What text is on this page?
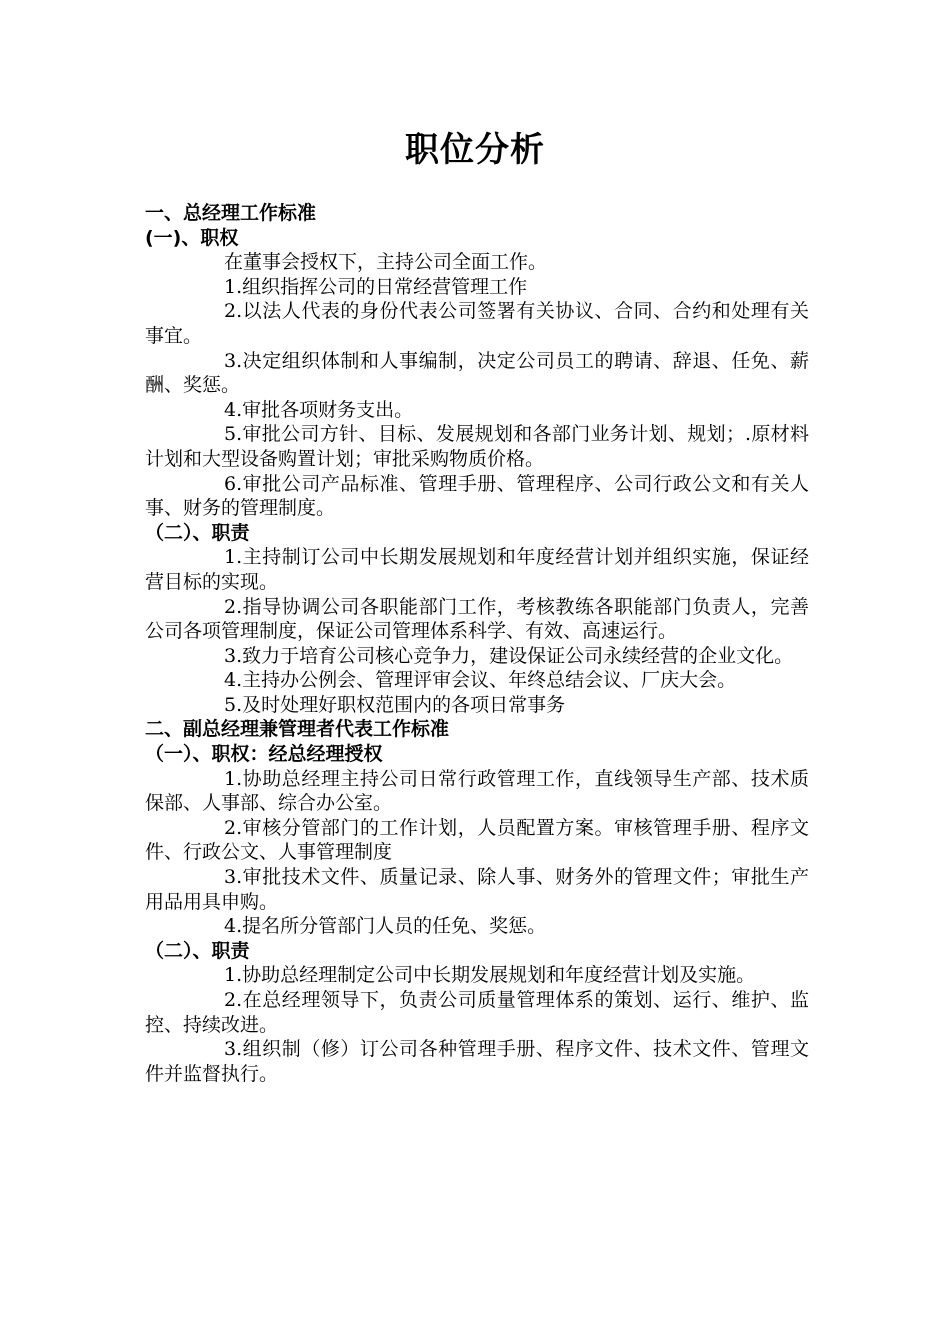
职位分析
一、总经理工作标准
(一)、职权
在董事会授权下，主持公司全面工作。
1.组织指挥公司的日常经营管理工作
2.以法人代表的身份代表公司签署有关协议、合同、合约和处理有关事宜。
3.决定组织体制和人事编制，决定公司员工的聘请、辞退、任免、薪酬、奖惩。
4.审批各项财务支出。
5.审批公司方针、目标、发展规划和各部门业务计划、规划；.原材料计划和大型设备购置计划；审批采购物质价格。
6.审批公司产品标准、管理手册、管理程序、公司行政公文和有关人事、财务的管理制度。
（二）、职责
1.主持制订公司中长期发展规划和年度经营计划并组织实施，保证经营目标的实现。
2.指导协调公司各职能部门工作，考核教练各职能部门负责人，完善公司各项管理制度，保证公司管理体系科学、有效、高速运行。
3.致力于培育公司核心竞争力，建设保证公司永续经营的企业文化。
4.主持办公例会、管理评审会议、年终总结会议、厂庆大会。
5.及时处理好职权范围内的各项日常事务
二、副总经理兼管理者代表工作标准
（一）、职权：经总经理授权
1.协助总经理主持公司日常行政管理工作，直线领导生产部、技术质保部、人事部、综合办公室。
2.审核分管部门的工作计划，人员配置方案。审核管理手册、程序文件、行政公文、人事管理制度
3.审批技术文件、质量记录、除人事、财务外的管理文件；审批生产用品用具申购。
4.提名所分管部门人员的任免、奖惩。
（二）、职责
1.协助总经理制定公司中长期发展规划和年度经营计划及实施。
2.在总经理领导下，负责公司质量管理体系的策划、运行、维护、监控、持续改进。
3.组织制（修）订公司各种管理手册、程序文件、技术文件、管理文件并监督执行。
